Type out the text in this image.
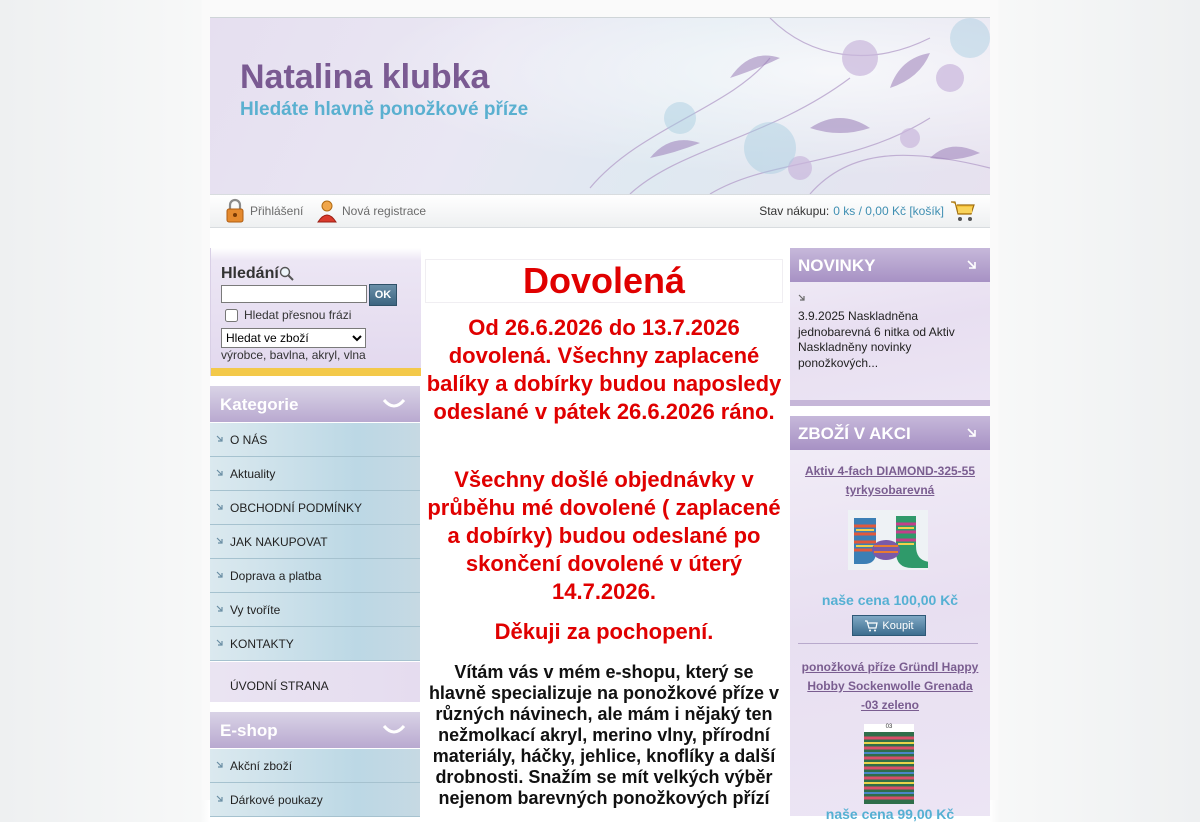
Natalina klubka
Hledáte hlavně ponožkové příze
Přihlášení	Nová registrace	Stav nákupu: 0 ks / 0,00 Kč [košík]
Hledání
OK
Hledat přesnou frázi
Hledat ve zboží
výrobce, bavlna, akryl, vlna
Kategorie
O NÁS
Aktuality
OBCHODNÍ PODMÍNKY
JAK NAKUPOVAT
Doprava a platba
Vy tvoříte
KONTAKTY
ÚVODNÍ STRANA
E-shop
Akční zboží
Dárkové poukazy
Dovolená
Od 26.6.2026 do 13.7.2026 dovolená. Všechny zaplacené balíky a dobírky budou naposledy odeslané v pátek 26.6.2026 ráno.
Všechny došlé objednávky v průběhu mé dovolené ( zaplacené a dobírky) budou odeslané po skončení dovolené v úterý 14.7.2026.
Děkuji za pochopení.
Vítám vás v mém e-shopu, který se hlavně specializuje na ponožkové příze v různých návinech, ale mám i nějaký ten nežmolkací akryl, merino vlny, přírodní materiály, háčky, jehlice, knoflíky a další drobnosti. Snažím se mít velkých výběr nejenom barevných ponožkových přízí
NOVINKY
3.9.2025 Naskladněna jednobarevná 6 nitka od Aktiv Naskladněny novinky ponožkových...
ZBOŽÍ V AKCI
Aktiv 4-fach DIAMOND-325-55 tyrkysobarevná
naše cena 100,00 Kč
Koupit
ponožková příze Gründl Happy Hobby Sockenwolle Grenada -03 zeleno
03
naše cena 99,00 Kč
